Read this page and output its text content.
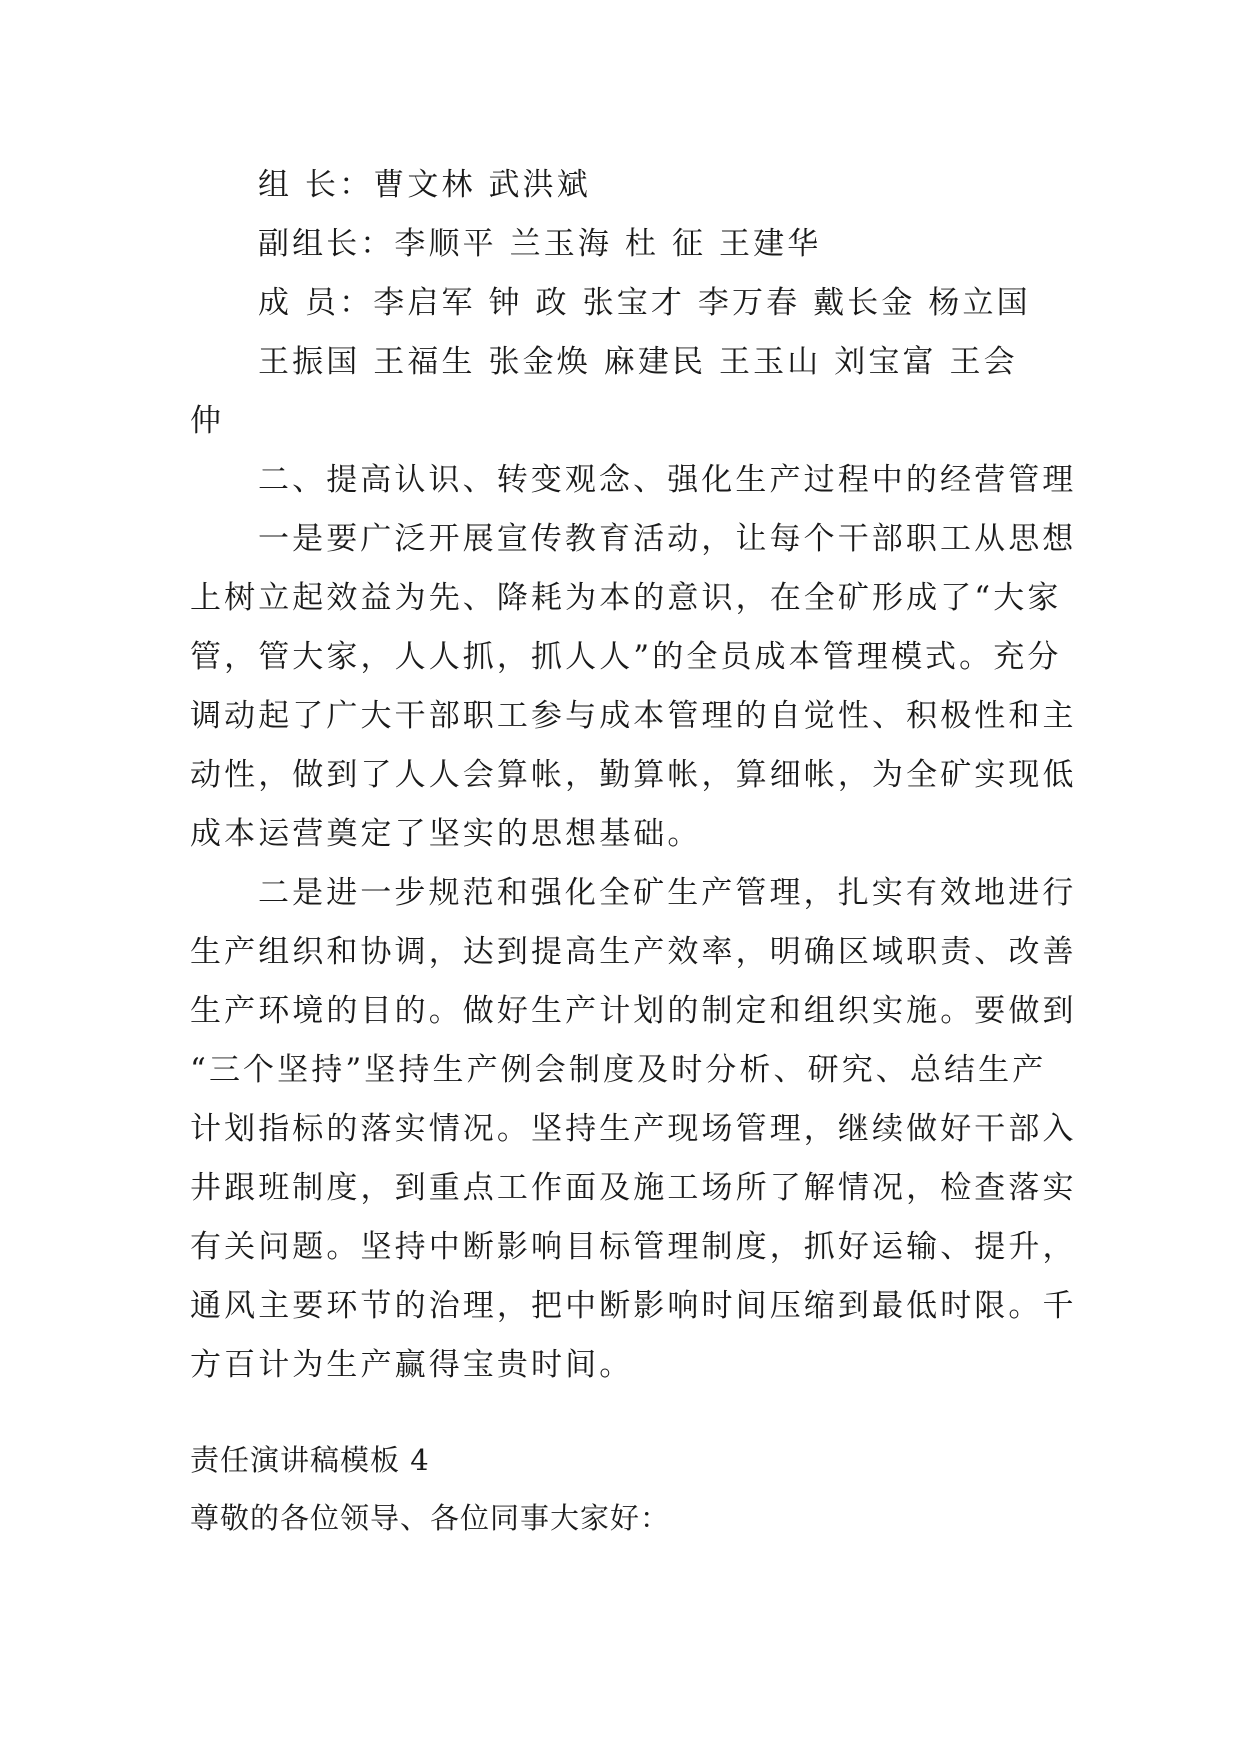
组 长：曹文林 武洪斌
副组长：李顺平 兰玉海 杜 征 王建华
成 员：李启军 钟 政 张宝才 李万春 戴长金 杨立国
王振国 王福生 张金焕 麻建民 王玉山 刘宝富 王会
仲
二、提高认识、转变观念、强化生产过程中的经营管理
一是要广泛开展宣传教育活动，让每个干部职工从思想
上树立起效益为先、降耗为本的意识，在全矿形成了“大家
管，管大家，人人抓，抓人人”的全员成本管理模式。充分
调动起了广大干部职工参与成本管理的自觉性、积极性和主
动性，做到了人人会算帐，勤算帐，算细帐，为全矿实现低
成本运营奠定了坚实的思想基础。
二是进一步规范和强化全矿生产管理，扎实有效地进行
生产组织和协调，达到提高生产效率，明确区域职责、改善
生产环境的目的。做好生产计划的制定和组织实施。要做到
“三个坚持”坚持生产例会制度及时分析、研究、总结生产
计划指标的落实情况。坚持生产现场管理，继续做好干部入
井跟班制度，到重点工作面及施工场所了解情况，检查落实
有关问题。坚持中断影响目标管理制度，抓好运输、提升，
通风主要环节的治理，把中断影响时间压缩到最低时限。千
方百计为生产赢得宝贵时间。
责任演讲稿模板 4
尊敬的各位领导、各位同事大家好：
